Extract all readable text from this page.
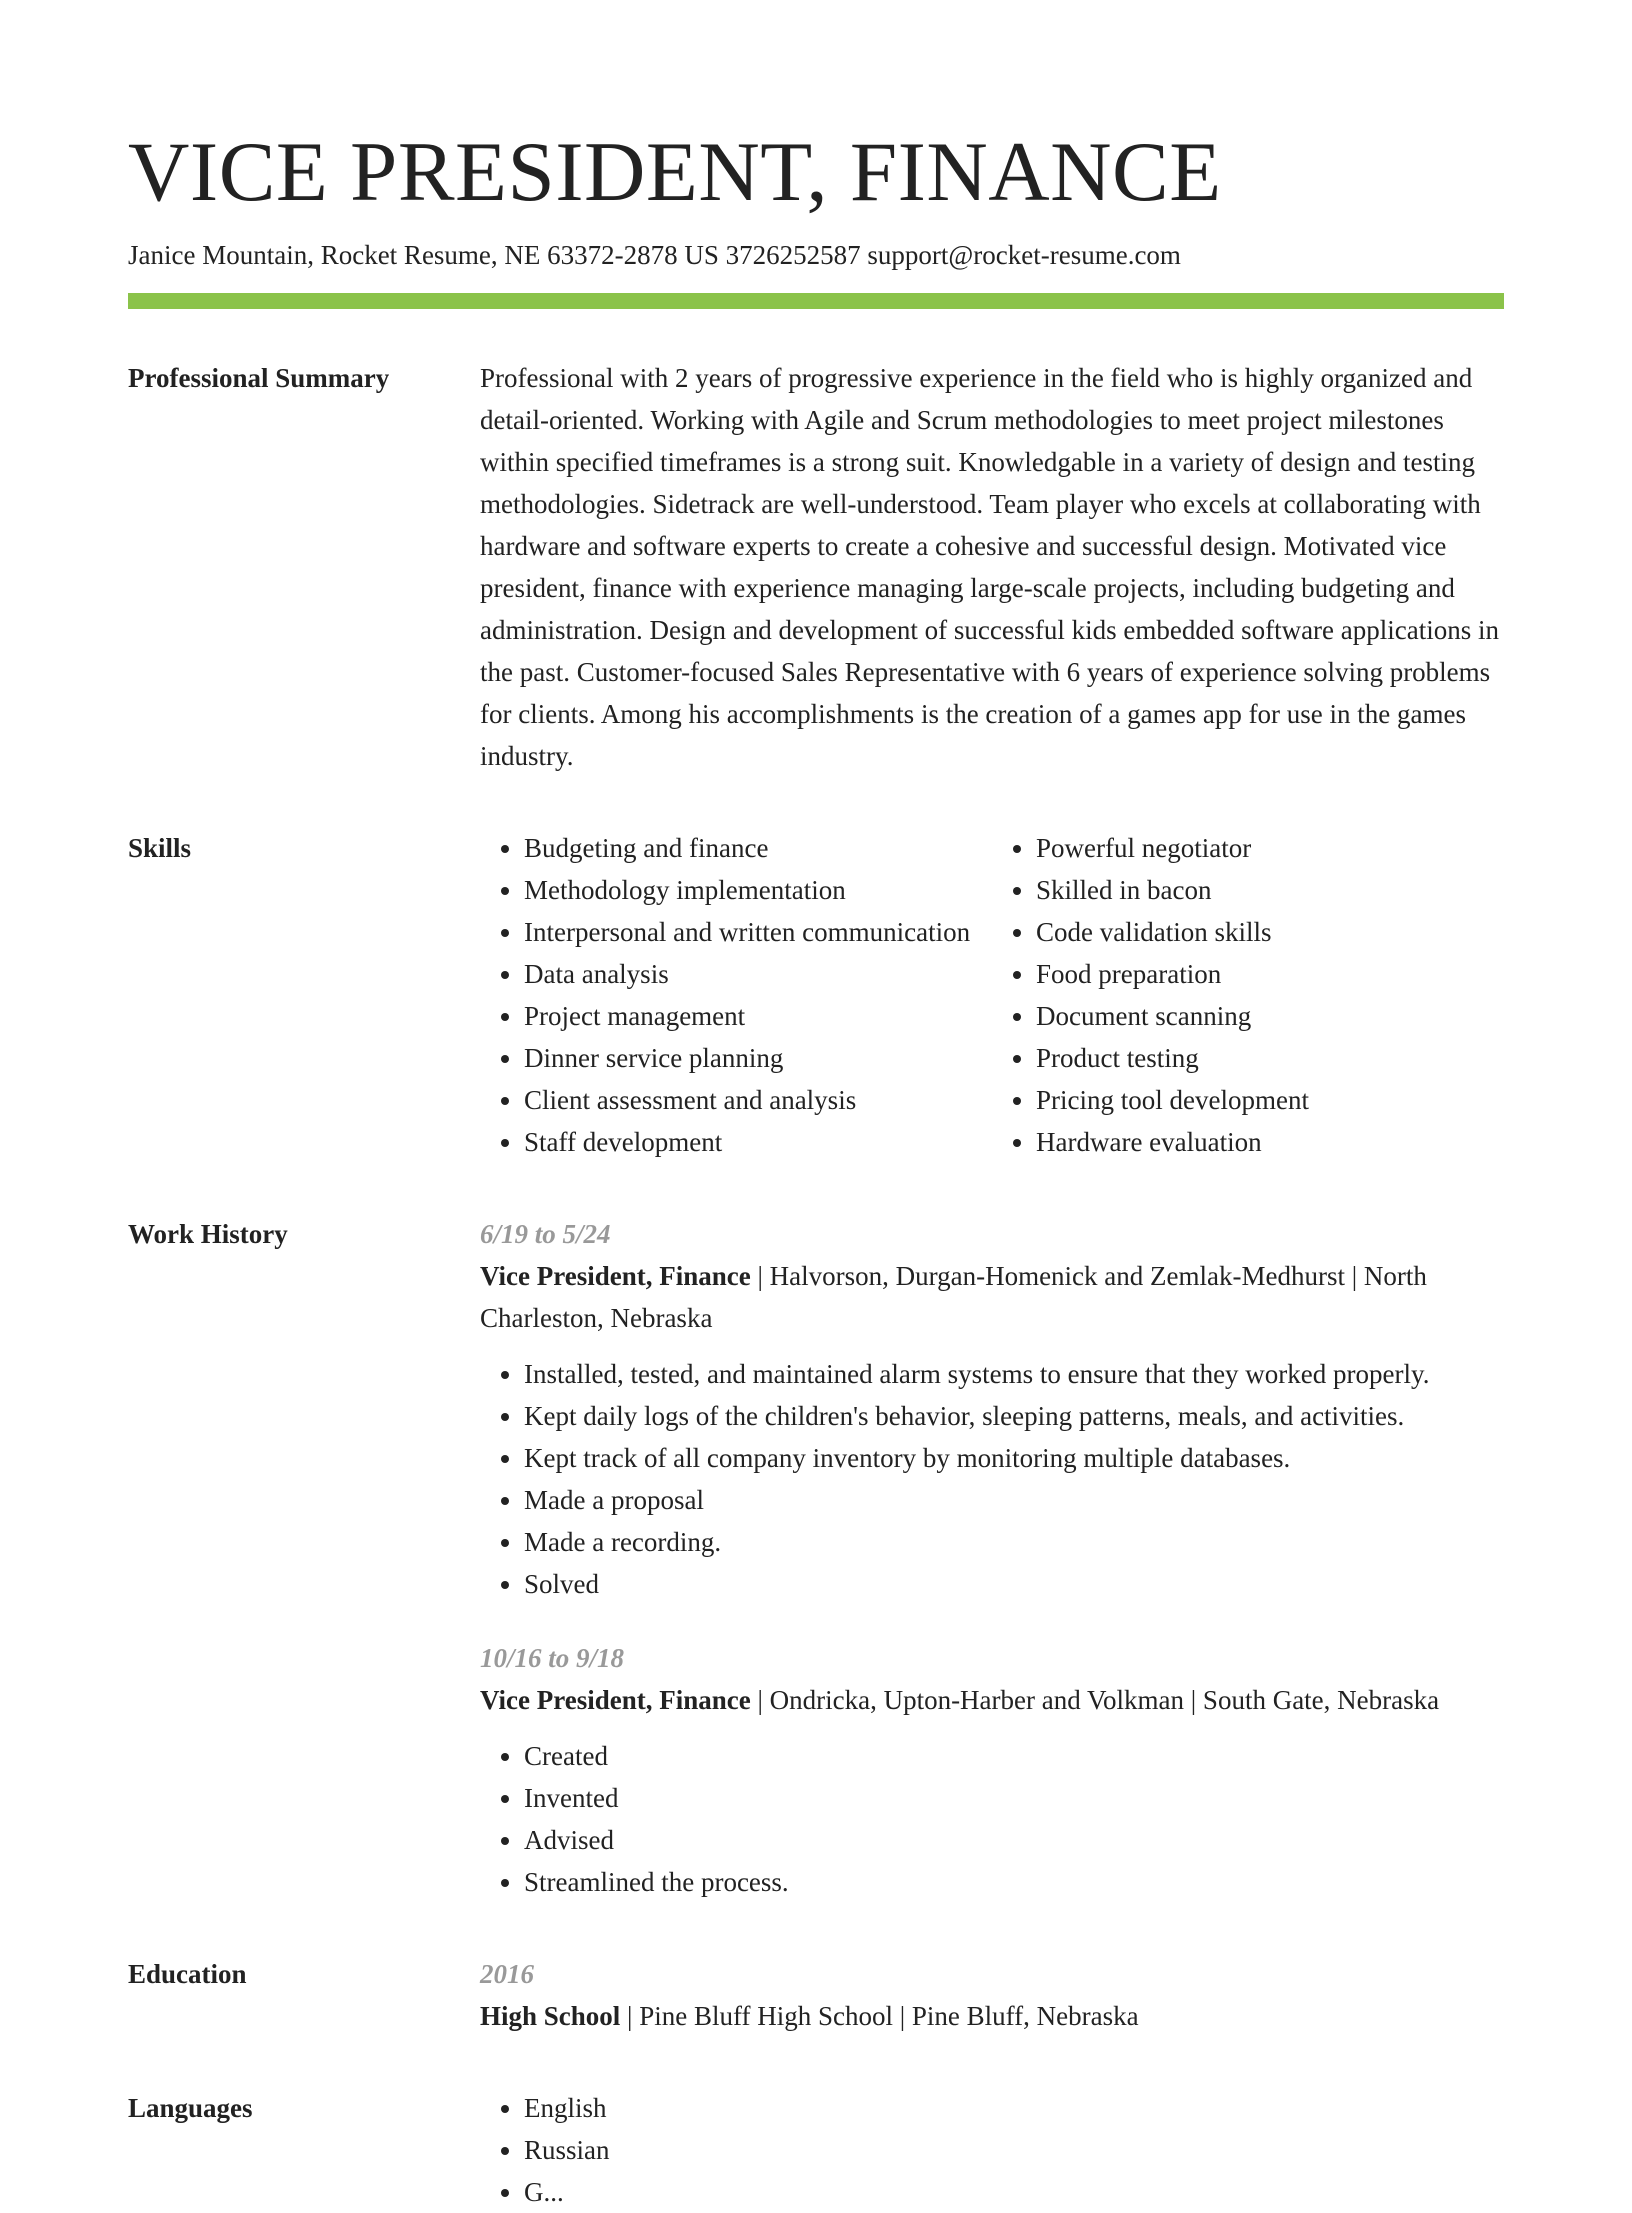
VICE PRESIDENT, FINANCE
Janice Mountain, Rocket Resume, NE 63372-2878 US 3726252587 support@rocket-resume.com
Professional Summary	Professional with 2 years of progressive experience in the field who is highly organized and detail-oriented. Working with Agile and Scrum methodologies to meet project milestones within specified timeframes is a strong suit. Knowledgable in a variety of design and testing methodologies. Sidetrack are well-understood. Team player who excels at collaborating with hardware and software experts to create a cohesive and successful design. Motivated vice president, finance with experience managing large-scale projects, including budgeting and administration. Design and development of successful kids embedded software applications in the past. Customer-focused Sales Representative with 6 years of experience solving problems for clients. Among his accomplishments is the creation of a games app for use in the games industry.

Skills	• Budgeting and finance
• Methodology implementation
• Interpersonal and written communication
• Data analysis
• Project management
• Dinner service planning
• Client assessment and analysis
• Staff development
• Powerful negotiator
• Skilled in bacon
• Code validation skills
• Food preparation
• Document scanning
• Product testing
• Pricing tool development
• Hardware evaluation
Work History	6/19 to 5/24

Vice President, Finance | Halvorson, Durgan-Homenick and Zemlak-Medhurst | North Charleston, Nebraska

• Installed, tested, and maintained alarm systems to ensure that they worked properly.
• Kept daily logs of the children's behavior, sleeping patterns, meals, and activities.
• Kept track of all company inventory by monitoring multiple databases.
• Made a proposal
• Made a recording.
• Solved
10/16 to 9/18

Vice President, Finance | Ondricka, Upton-Harber and Volkman | South Gate, Nebraska

• Created
• Invented
• Advised
• Streamlined the process.
Education	2016

High School | Pine Bluff High School | Pine Bluff, Nebraska

Languages	• English
• Russian
• G...
